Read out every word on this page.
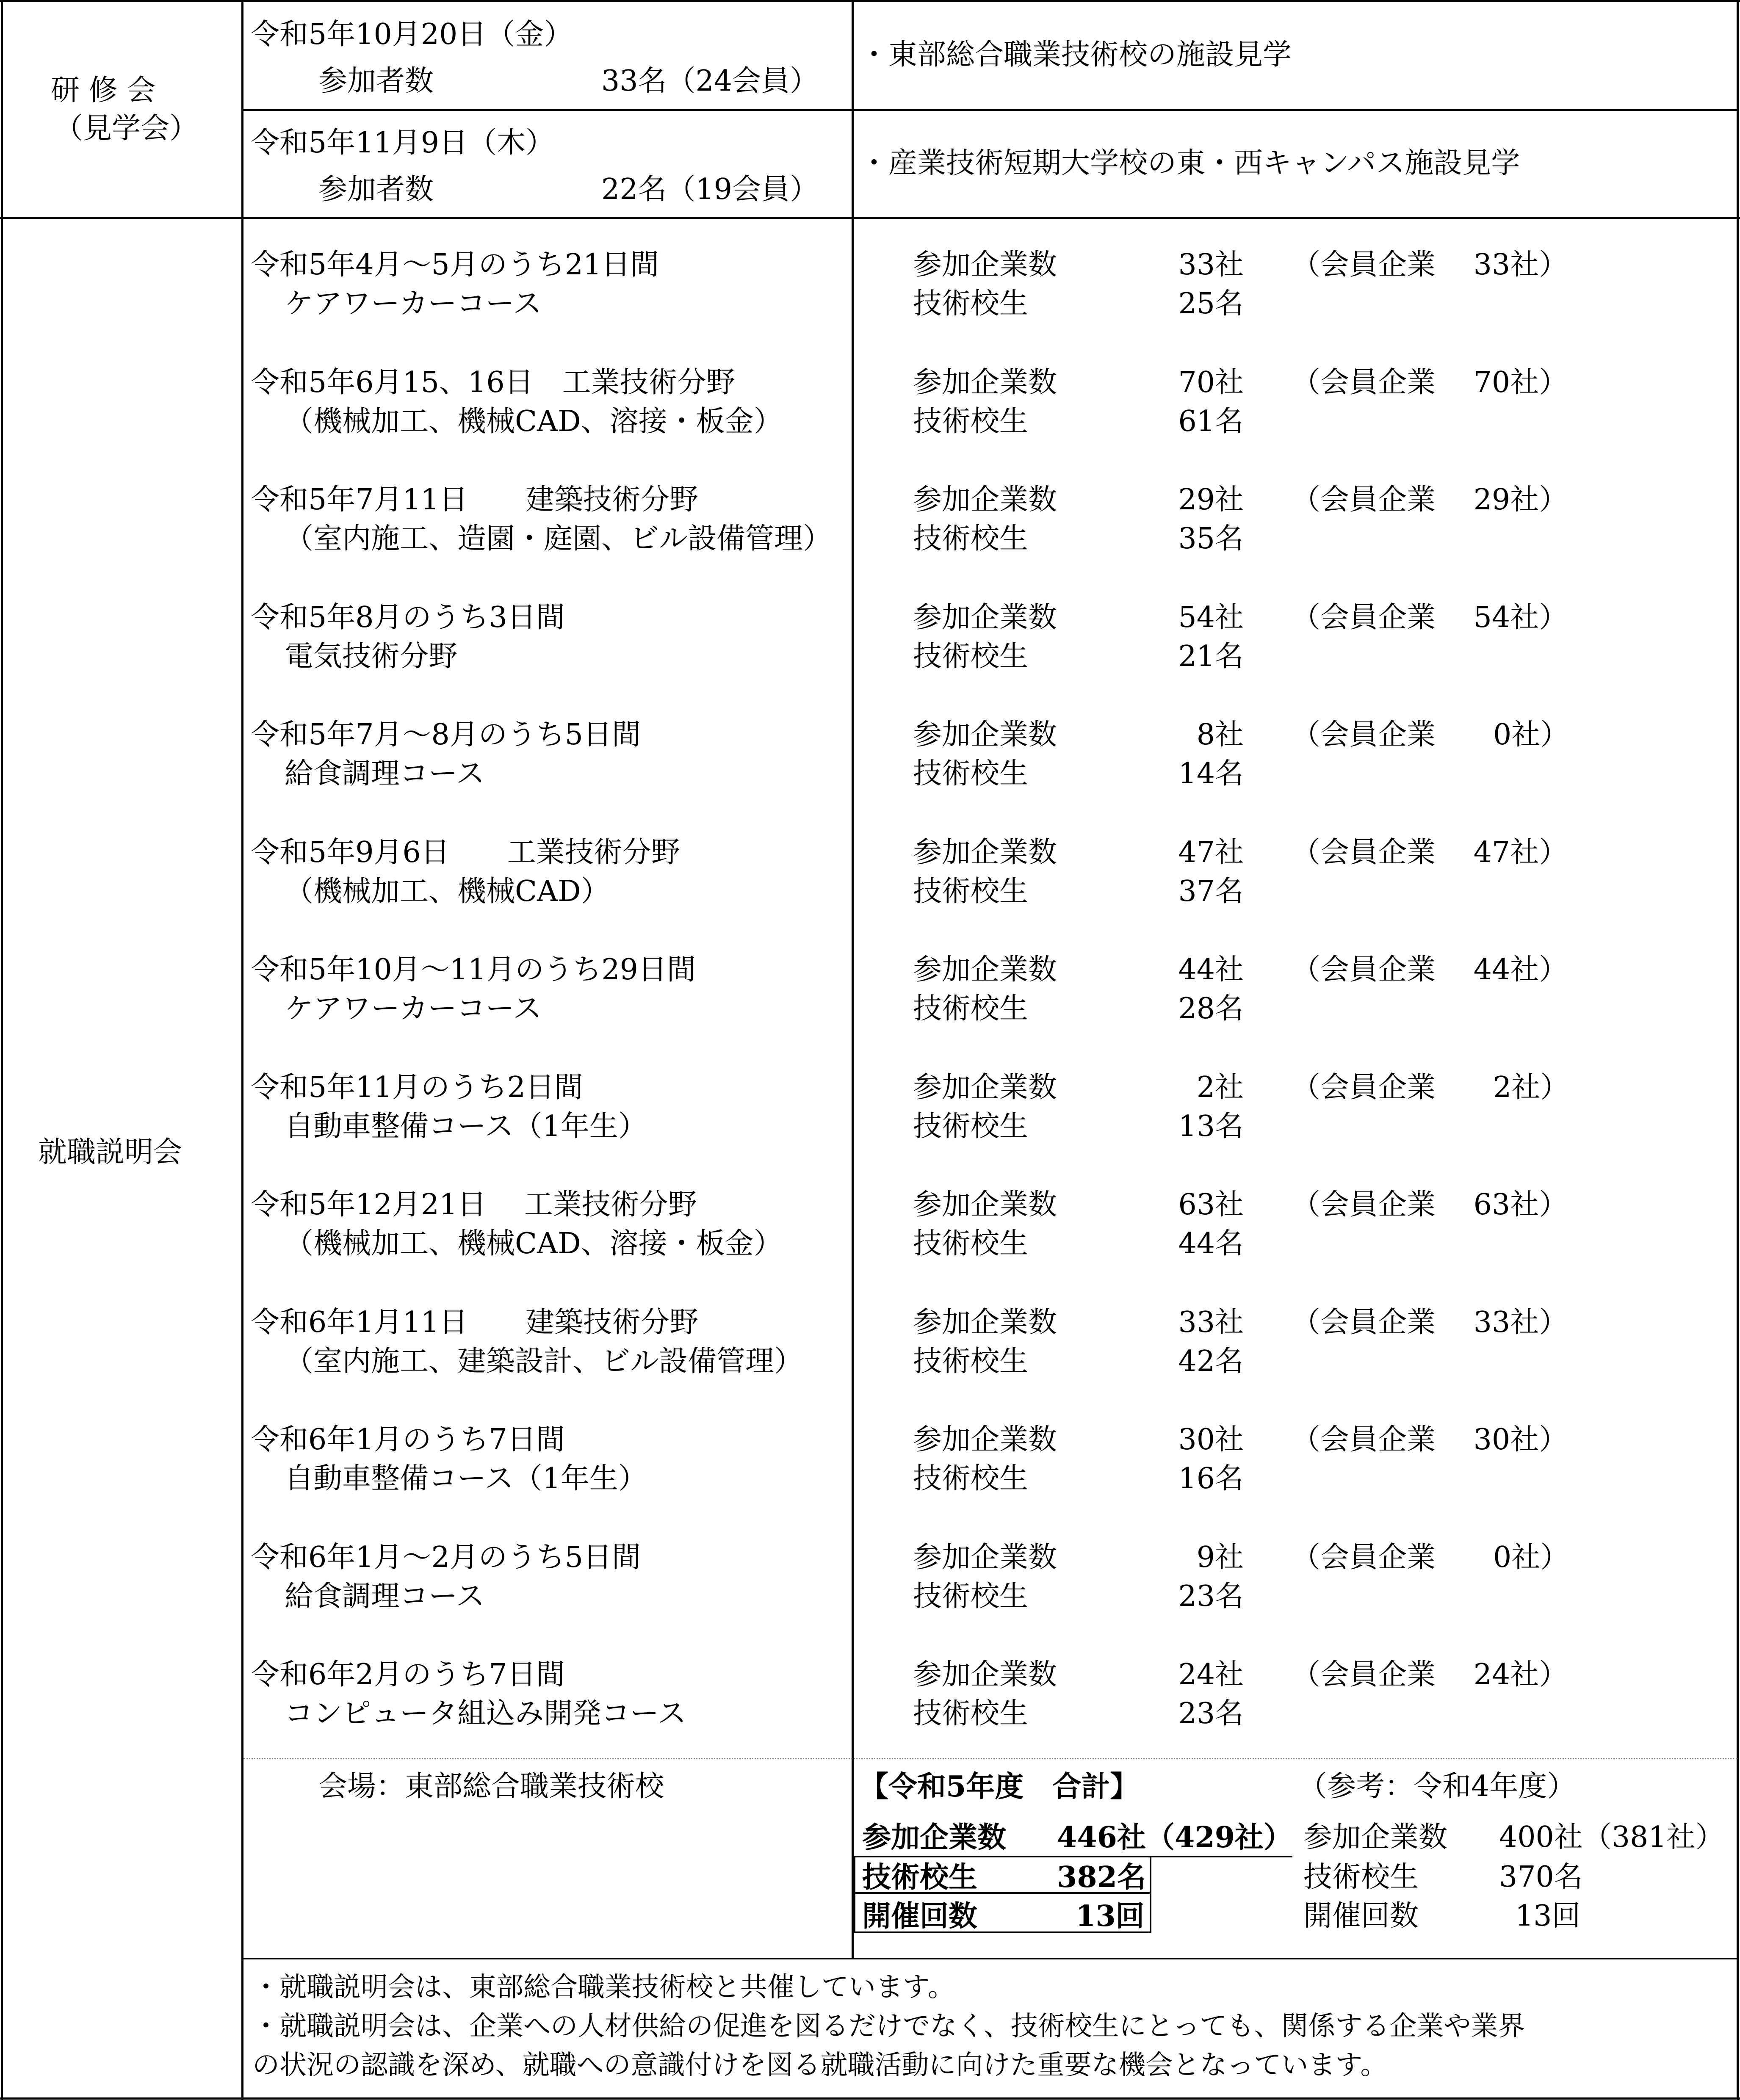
研 修 会
（見学会）
令和5年10月20日（金）
参加者数	33名（24会員）
・東部総合職業技術校の施設見学
令和5年11月9日（木）
参加者数	22名（19会員）
・産業技術短期大学校の東・西キャンパス施設見学
就職説明会
令和5年4月～5月のうち21日間
ケアワーカーコース
参加企業数	33社 （会員企業　 33社）
技術校生	25名
令和5年6月15、16日　工業技術分野
（機械加工、機械CAD、溶接・板金）
参加企業数	70社 （会員企業　 70社）
技術校生	61名
令和5年7月11日　　建築技術分野
（室内施工、造園・庭園、ビル設備管理）
参加企業数	29社 （会員企業　 29社）
技術校生	35名
令和5年8月のうち3日間
電気技術分野
参加企業数	54社 （会員企業　 54社）
技術校生	21名
令和5年7月～8月のうち5日間
給食調理コース
参加企業数	8社 （会員企業　　0社）
技術校生	14名
令和5年9月6日　　工業技術分野
（機械加工、機械CAD）
参加企業数	47社 （会員企業　 47社）
技術校生	37名
令和5年10月～11月のうち29日間
ケアワーカーコース
参加企業数	44社 （会員企業　 44社）
技術校生	28名
令和5年11月のうち2日間
自動車整備コース（1年生）
参加企業数	2社 （会員企業　　2社）
技術校生	13名
令和5年12月21日　 工業技術分野
（機械加工、機械CAD、溶接・板金）
参加企業数	63社 （会員企業　 63社）
技術校生	44名
令和6年1月11日　　建築技術分野
（室内施工、建築設計、ビル設備管理）
参加企業数	33社 （会員企業　 33社）
技術校生	42名
令和6年1月のうち7日間
自動車整備コース（1年生）
参加企業数	30社 （会員企業　 30社）
技術校生	16名
令和6年1月～2月のうち5日間
給食調理コース
参加企業数	9社 （会員企業　　0社）
技術校生	23名
令和6年2月のうち7日間
コンピュータ組込み開発コース
参加企業数	24社 （会員企業　 24社）
技術校生	23名
会場：東部総合職業技術校	【令和5年度　合計】
参加企業数 446社（429社）
技術校生	382名
開催回数	13回
（参考：令和4年度）
参加企業数 400社（381社）
技術校生	370名
開催回数	13回
・就職説明会は、東部総合職業技術校と共催しています。
・就職説明会は、企業への人材供給の促進を図るだけでなく、技術校生にとっても、関係する企業や業界
の状況の認識を深め、就職への意識付けを図る就職活動に向けた重要な機会となっています。
